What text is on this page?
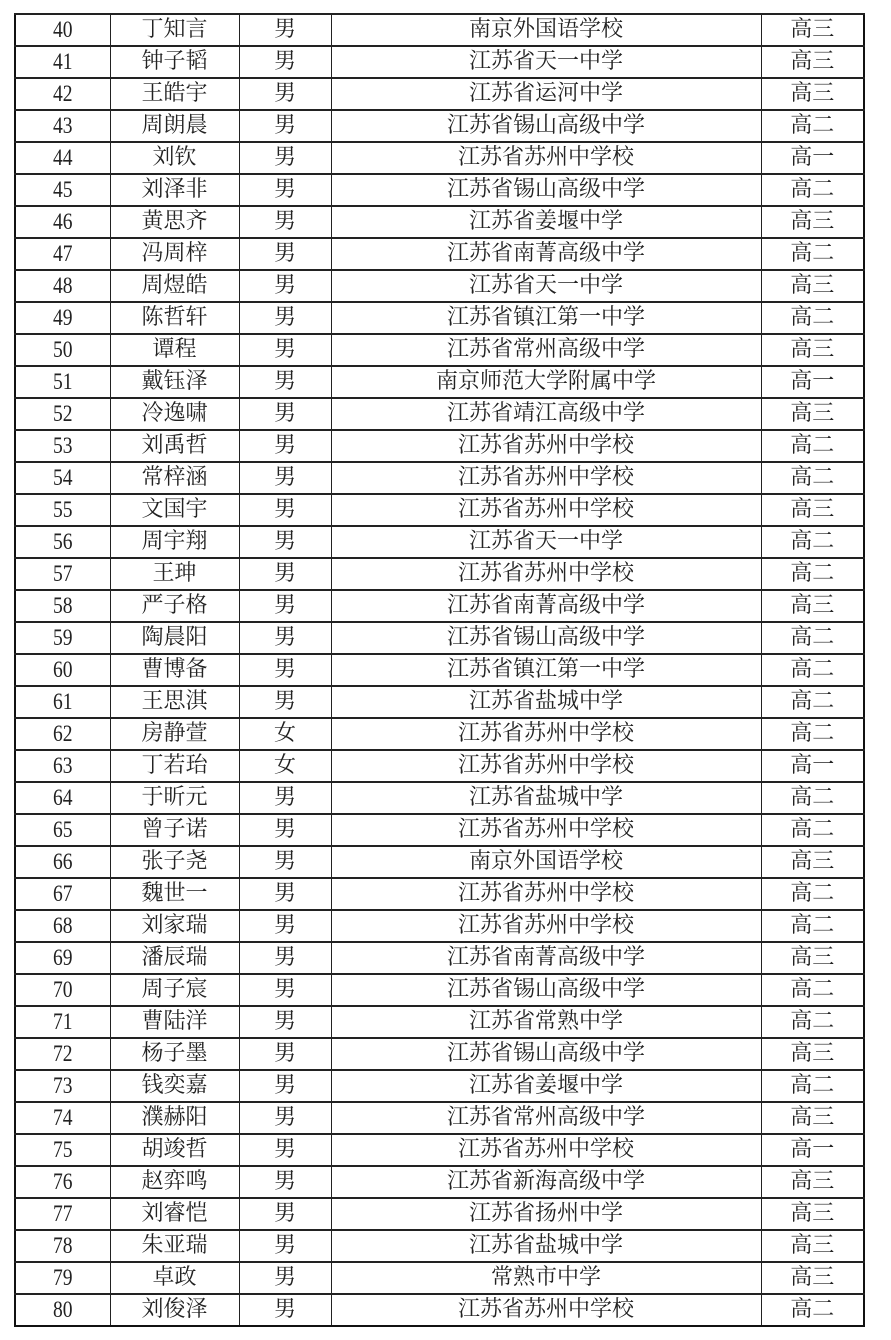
40	丁知言	男	南京外国语学校	高三
41	钟子韬	男	江苏省天一中学	高三
42	王皓宇	男	江苏省运河中学	高三
43	周朗晨	男	江苏省锡山高级中学	高二
44	刘钦	男	江苏省苏州中学校	高一
45	刘泽非	男	江苏省锡山高级中学	高二
46	黄思齐	男	江苏省姜堰中学	高三
47	冯周梓	男	江苏省南菁高级中学	高二
48	周煜皓	男	江苏省天一中学	高三
49	陈哲轩	男	江苏省镇江第一中学	高二
50	谭程	男	江苏省常州高级中学	高三
51	戴钰泽	男	南京师范大学附属中学	高一
52	冷逸啸	男	江苏省靖江高级中学	高三
53	刘禹哲	男	江苏省苏州中学校	高二
54	常梓涵	男	江苏省苏州中学校	高二
55	文国宇	男	江苏省苏州中学校	高三
56	周宇翔	男	江苏省天一中学	高二
57	王珅	男	江苏省苏州中学校	高二
58	严子格	男	江苏省南菁高级中学	高三
59	陶晨阳	男	江苏省锡山高级中学	高二
60	曹博备	男	江苏省镇江第一中学	高二
61	王思淇	男	江苏省盐城中学	高二
62	房静萱	女	江苏省苏州中学校	高二
63	丁若珆	女	江苏省苏州中学校	高一
64	于昕元	男	江苏省盐城中学	高二
65	曾子诺	男	江苏省苏州中学校	高二
66	张子尧	男	南京外国语学校	高三
67	魏世一	男	江苏省苏州中学校	高二
68	刘家瑞	男	江苏省苏州中学校	高二
69	潘辰瑞	男	江苏省南菁高级中学	高三
70	周子宸	男	江苏省锡山高级中学	高二
71	曹陆洋	男	江苏省常熟中学	高二
72	杨子墨	男	江苏省锡山高级中学	高三
73	钱奕嘉	男	江苏省姜堰中学	高二
74	濮赫阳	男	江苏省常州高级中学	高三
75	胡竣哲	男	江苏省苏州中学校	高一
76	赵弈鸣	男	江苏省新海高级中学	高三
77	刘睿恺	男	江苏省扬州中学	高三
78	朱亚瑞	男	江苏省盐城中学	高三
79	卓政	男	常熟市中学	高三
80	刘俊泽	男	江苏省苏州中学校	高二
